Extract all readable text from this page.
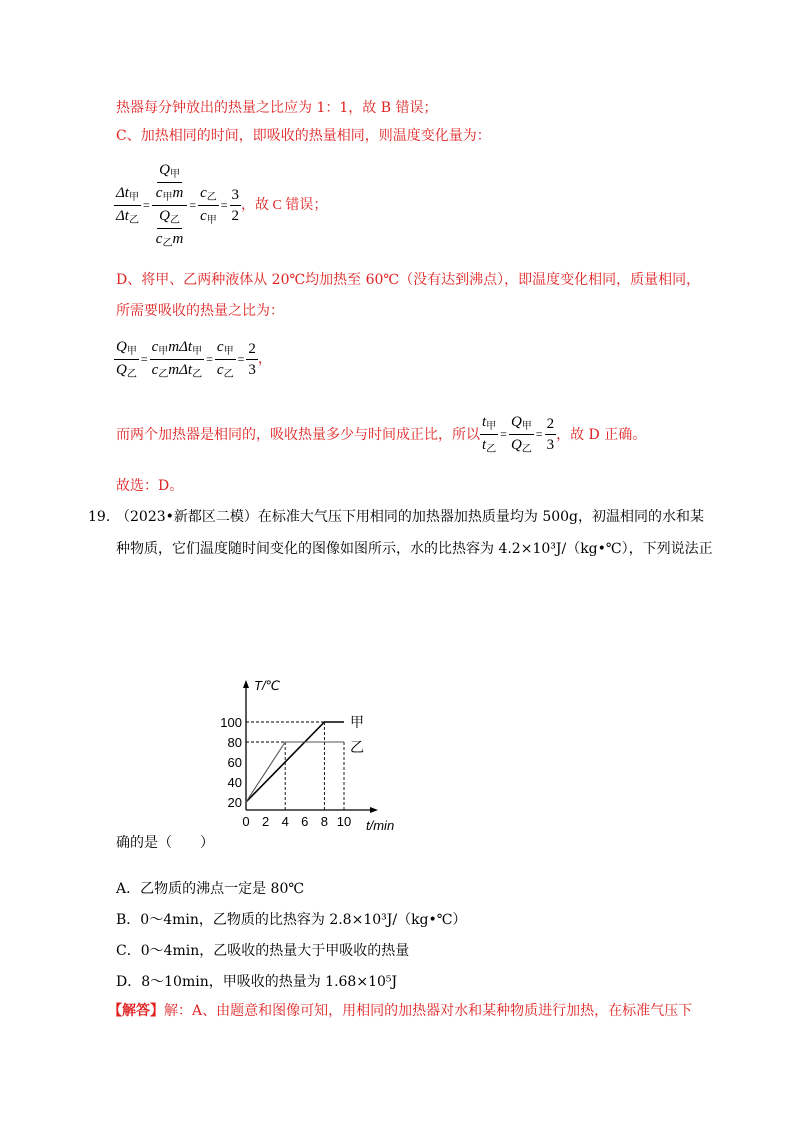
热器每分钟放出的热量之比应为 1：1，故 B 错误；
C、加热相同的时间，即吸收的热量相同，则温度变化量为：
$\frac{\Delta t_甲}{\Delta t_乙} = \frac{\frac{Q_甲}{c_甲m}}{\frac{Q_乙}{c_乙m}} = \frac{c_乙}{c_甲} = \frac{3}{2}$ ，故 C 错误；
D、将甲、乙两种液体从 20℃均加热至 60℃（没有达到沸点），即温度变化相同，质量相同，
所需要吸收的热量之比为：
$\frac{Q_甲}{Q_乙} = \frac{c_甲m\Delta t_甲}{c_乙m\Delta t_乙} = \frac{c_甲}{c_乙} = \frac{2}{3}$ ，
而两个加热器是相同的，吸收热量多少与时间成正比，所以 $\frac{t_甲}{t_乙} = \frac{Q_甲}{Q_乙} = \frac{2}{3}$ ，故 D 正确。
故选：D。
19. （2023•新都区二模）在标准大气压下用相同的加热器加热质量均为 500g，初温相同的水和某
种物质，它们温度随时间变化的图像如图所示，水的比热容为 4.2×10³J/（kg•℃），下列说法正
T/℃
t/min
0 2 4 6 8 10
20
40
60
80
100	甲
乙
确的是（　　）
A．乙物质的沸点一定是 80℃
B．0～4min，乙物质的比热容为 2.8×10³J/（kg•℃）
C．0～4min，乙吸收的热量大于甲吸收的热量
D．8～10min，甲吸收的热量为 1.68×10⁵J
【解答】解：A、由题意和图像可知，用相同的加热器对水和某种物质进行加热，在标准气压下
